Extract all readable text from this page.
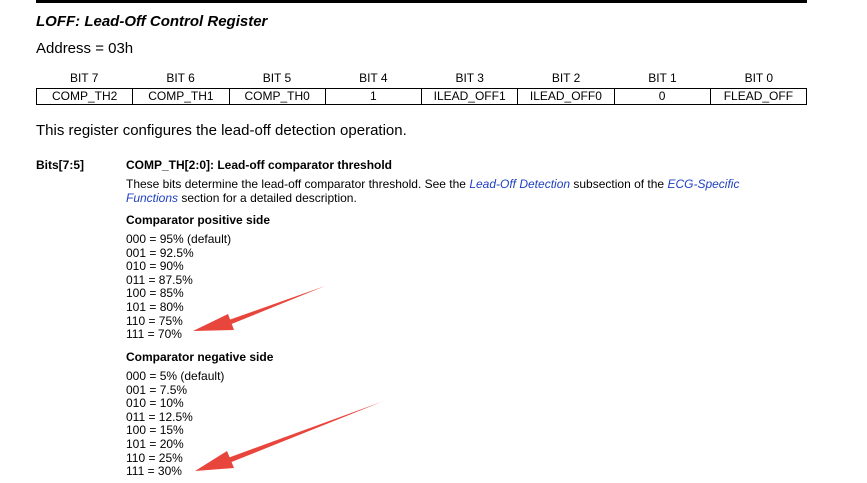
LOFF: Lead-Off Control Register
Address = 03h
BIT 7	BIT 6	BIT 5	BIT 4	BIT 3	BIT 2	BIT 1	BIT 0
COMP_TH2	COMP_TH1	COMP_TH0	1	ILEAD_OFF1	ILEAD_OFF0	0	FLEAD_OFF
This register configures the lead-off detection operation.
Bits[7:5]	COMP_TH[2:0]: Lead-off comparator threshold
These bits determine the lead-off comparator threshold. See the Lead-Off Detection subsection of the ECG-Specific Functions section for a detailed description.
Comparator positive side
000 = 95% (default)
001 = 92.5%
010 = 90%
011 = 87.5%
100 = 85%
101 = 80%
110 = 75%
111 = 70%
Comparator negative side
000 = 5% (default)
001 = 7.5%
010 = 10%
011 = 12.5%
100 = 15%
101 = 20%
110 = 25%
111 = 30%
